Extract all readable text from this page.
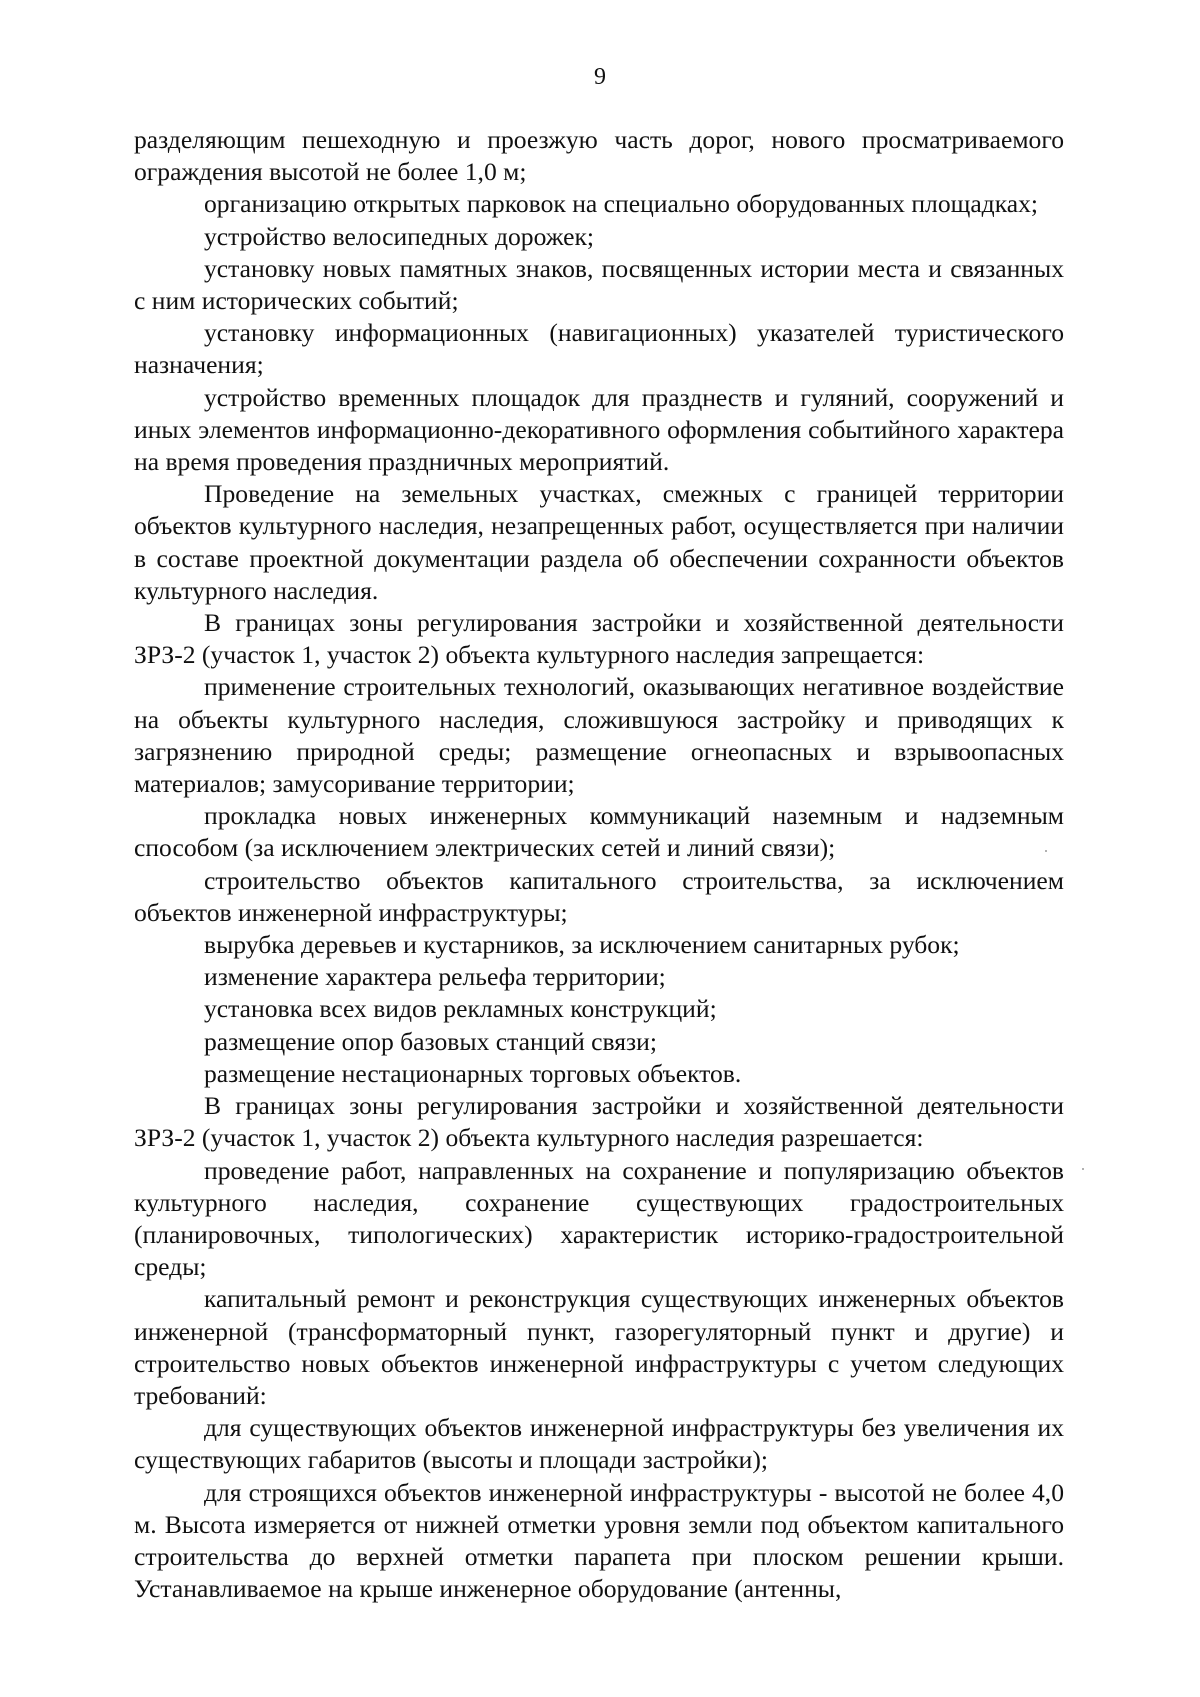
9

разделяющим пешеходную и проезжую часть дорог, нового просматриваемого ограждения высотой не более 1,0 м;

организацию открытых парковок на специально оборудованных площадках;

устройство велосипедных дорожек;

установку новых памятных знаков, посвященных истории места и связанных с ним исторических событий;

установку информационных (навигационных) указателей туристического назначения;

устройство временных площадок для празднеств и гуляний, сооружений и иных элементов информационно-декоративного оформления событийного характера на время проведения праздничных мероприятий.

Проведение на земельных участках, смежных с границей территории объектов культурного наследия, незапрещенных работ, осуществляется при наличии в составе проектной документации раздела об обеспечении сохранности объектов культурного наследия.

В границах зоны регулирования застройки и хозяйственной деятельности ЗРЗ-2 (участок 1, участок 2) объекта культурного наследия запрещается:

применение строительных технологий, оказывающих негативное воздействие на объекты культурного наследия, сложившуюся застройку и приводящих к загрязнению природной среды; размещение огнеопасных и взрывоопасных материалов; замусоривание территории;

прокладка новых инженерных коммуникаций наземным и надземным способом (за исключением электрических сетей и линий связи);

строительство объектов капитального строительства, за исключением объектов инженерной инфраструктуры;

вырубка деревьев и кустарников, за исключением санитарных рубок;

изменение характера рельефа территории;

установка всех видов рекламных конструкций;

размещение опор базовых станций связи;

размещение нестационарных торговых объектов.

В границах зоны регулирования застройки и хозяйственной деятельности ЗРЗ-2 (участок 1, участок 2) объекта культурного наследия разрешается:

проведение работ, направленных на сохранение и популяризацию объектов культурного наследия, сохранение существующих градостроительных (планировочных, типологических) характеристик историко-градостроительной среды;

капитальный ремонт и реконструкция существующих инженерных объектов инженерной (трансформаторный пункт, газорегуляторный пункт и другие) и строительство новых объектов инженерной инфраструктуры с учетом следующих требований:

для существующих объектов инженерной инфраструктуры без увеличения их существующих габаритов (высоты и площади застройки);

для строящихся объектов инженерной инфраструктуры - высотой не более 4,0 м. Высота измеряется от нижней отметки уровня земли под объектом капитального строительства до верхней отметки парапета при плоском решении крыши. Устанавливаемое на крыше инженерное оборудование (антенны,
